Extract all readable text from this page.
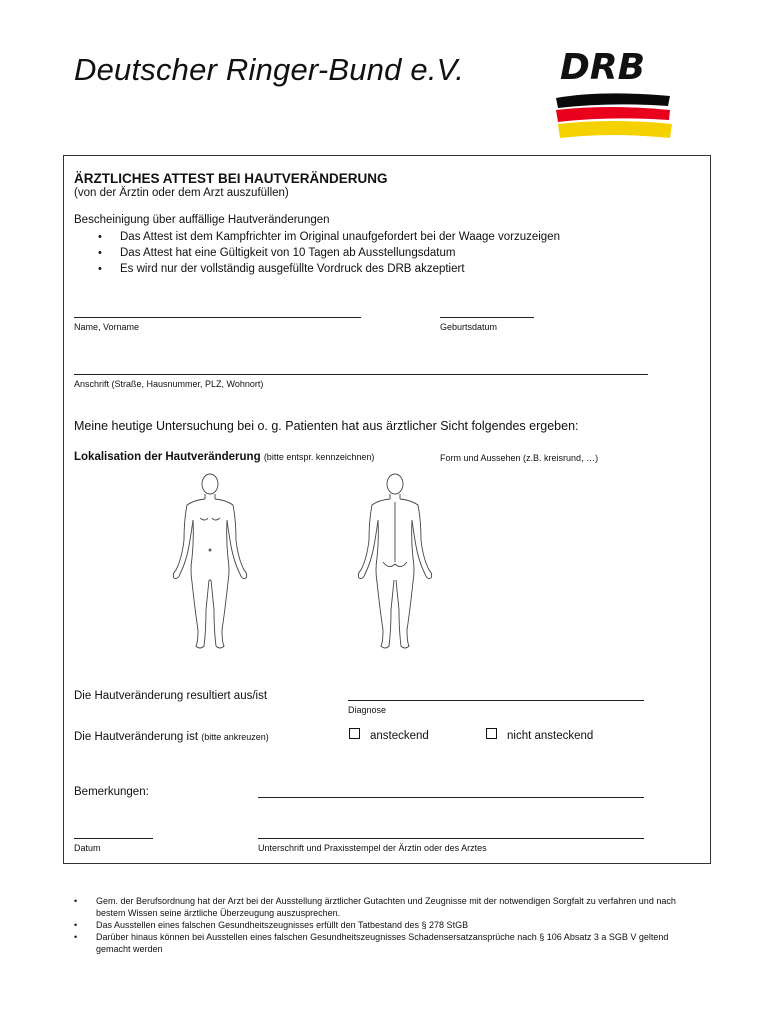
Deutscher Ringer-Bund e.V.	DRB
ÄRZTLICHES ATTEST BEI HAUTVERÄNDERUNG
(von der Ärztin oder dem Arzt auszufüllen)
Bescheinigung über auffällige Hautveränderungen
• Das Attest ist dem Kampfrichter im Original unaufgefordert bei der Waage vorzuzeigen
• Das Attest hat eine Gültigkeit von 10 Tagen ab Ausstellungsdatum
• Es wird nur der vollständig ausgefüllte Vordruck des DRB akzeptiert
Name, Vorname	Geburtsdatum
Anschrift (Straße, Hausnummer, PLZ, Wohnort)
Meine heutige Untersuchung bei o. g. Patienten hat aus ärztlicher Sicht folgendes ergeben:
Lokalisation der Hautveränderung (bitte entspr. kennzeichnen)	Form und Aussehen (z.B. kreisrund, …)
Die Hautveränderung resultiert aus/ist
Diagnose
Die Hautveränderung ist (bitte ankreuzen)	ansteckend	nicht ansteckend
Bemerkungen:
Datum	Unterschrift und Praxisstempel der Ärztin oder des Arztes
• Gem. der Berufsordnung hat der Arzt bei der Ausstellung ärztlicher Gutachten und Zeugnisse mit der notwendigen Sorgfalt zu verfahren und nach bestem Wissen seine ärztliche Überzeugung auszusprechen.
• Das Ausstellen eines falschen Gesundheitszeugnisses erfüllt den Tatbestand des § 278 StGB
• Darüber hinaus können bei Ausstellen eines falschen Gesundheitszeugnisses Schadensersatzansprüche nach § 106 Absatz 3 a SGB V geltend gemacht werden
